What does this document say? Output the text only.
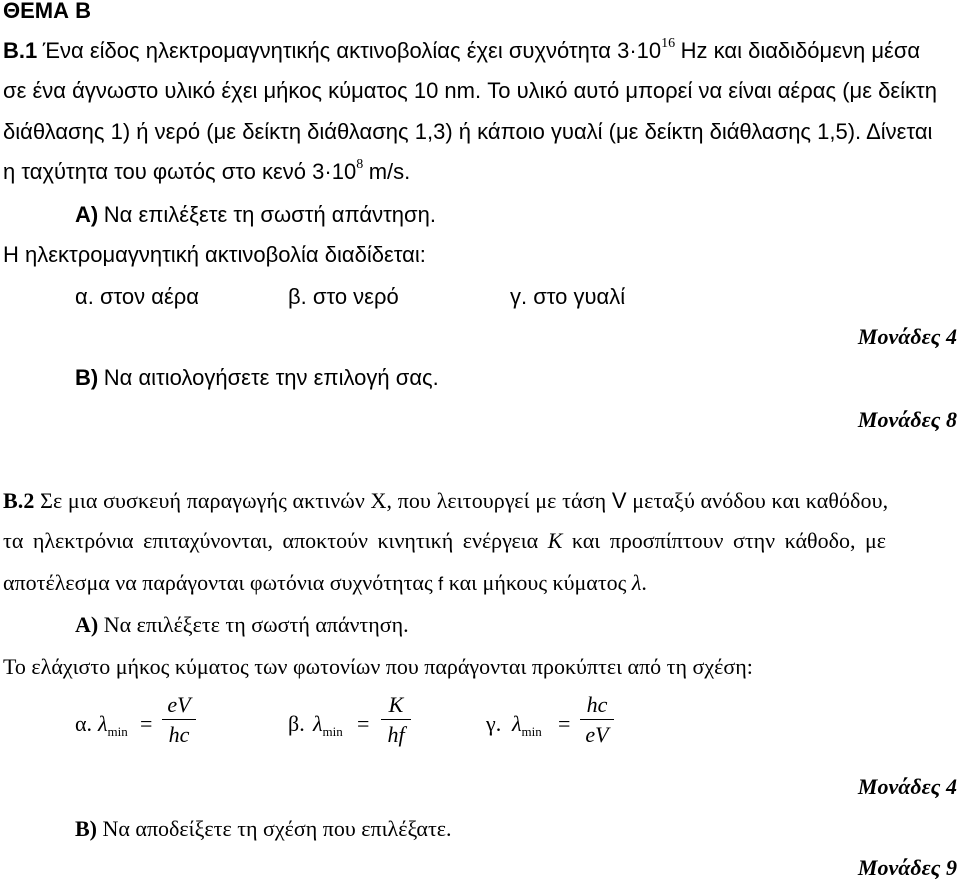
ΘΕΜΑ Β
Β.1 Ένα είδος ηλεκτρομαγνητικής ακτινοβολίας έχει συχνότητα $3\cdot 10^{16}$ Hz και διαδιδόμενη μέσα
σε ένα άγνωστο υλικό έχει μήκος κύματος 10 nm. Το υλικό αυτό μπορεί να είναι αέρας (με δείκτη
διάθλασης 1) ή νερό (με δείκτη διάθλασης 1,3) ή κάποιο γυαλί (με δείκτη διάθλασης 1,5). Δίνεται
η ταχύτητα του φωτός στο κενό $3\cdot 10^8$ m/s.
Α) Να επιλέξετε τη σωστή απάντηση.
Η ηλεκτρομαγνητική ακτινοβολία διαδίδεται:
α. στον αέρα	β. στο νερό	γ. στο γυαλί
Μονάδες 4
Β) Να αιτιολογήσετε την επιλογή σας.
Μονάδες 8
Β.2 Σε μια συσκευή παραγωγής ακτινών Χ, που λειτουργεί με τάση V μεταξύ ανόδου και καθόδου,
τα ηλεκτρόνια επιταχύνονται, αποκτούν κινητική ενέργεια K και προσπίπτουν στην κάθοδο, με
αποτέλεσμα να παράγονται φωτόνια συχνότητας f και μήκους κύματος λ.
Α) Να επιλέξετε τη σωστή απάντηση.
Το ελάχιστο μήκος κύματος των φωτονίων που παράγονται προκύπτει από τη σχέση:
α. $\lambda_{min}$ =
eV
hc	β. $\lambda_{min}$ =
K
hf	γ. $\lambda_{min}$ =
hc
eV
Μονάδες 4
Β) Να αποδείξετε τη σχέση που επιλέξατε.
Μονάδες 9
